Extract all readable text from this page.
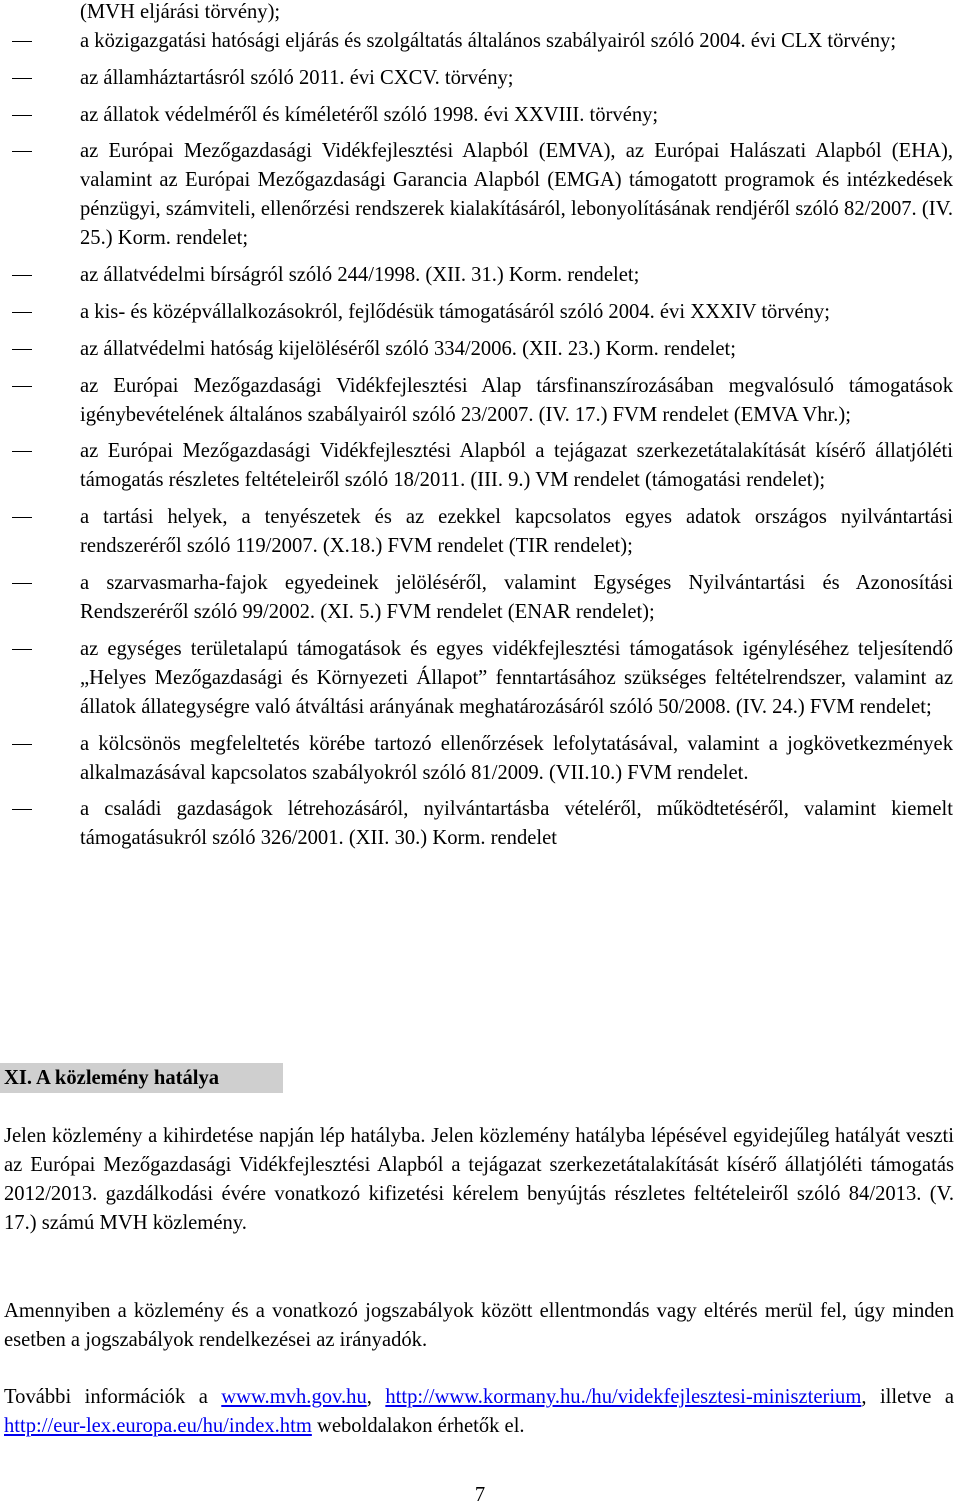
(MVH eljárási törvény);

a közigazgatási hatósági eljárás és szolgáltatás általános szabályairól szóló 2004. évi CLX törvény;
az államháztartásról szóló 2011. évi CXCV. törvény;
az állatok védelméről és kíméletéről szóló 1998. évi XXVIII. törvény;
az Európai Mezőgazdasági Vidékfejlesztési Alapból (EMVA), az Európai Halászati Alapból (EHA), valamint az Európai Mezőgazdasági Garancia Alapból (EMGA) támogatott programok és intézkedések pénzügyi, számviteli, ellenőrzési rendszerek kialakításáról, lebonyolításának rendjéről szóló 82/2007. (IV. 25.) Korm. rendelet;
az állatvédelmi bírságról szóló 244/1998. (XII. 31.) Korm. rendelet;
a kis- és középvállalkozásokról, fejlődésük támogatásáról szóló 2004. évi XXXIV törvény;
az állatvédelmi hatóság kijelöléséről szóló 334/2006. (XII. 23.) Korm. rendelet;
az Európai Mezőgazdasági Vidékfejlesztési Alap társfinanszírozásában megvalósuló támogatások igénybevételének általános szabályairól szóló 23/2007. (IV. 17.) FVM rendelet (EMVA Vhr.);
az Európai Mezőgazdasági Vidékfejlesztési Alapból a tejágazat szerkezetátalakítását kísérő állatjóléti támogatás részletes feltételeiről szóló 18/2011. (III. 9.) VM rendelet (támogatási rendelet);
a tartási helyek, a tenyészetek és az ezekkel kapcsolatos egyes adatok országos nyilvántartási rendszeréről szóló 119/2007. (X.18.) FVM rendelet (TIR rendelet);
a szarvasmarha-fajok egyedeinek jelöléséről, valamint Egységes Nyilvántartási és Azonosítási Rendszeréről szóló 99/2002. (XI. 5.) FVM rendelet (ENAR rendelet);
az egységes területalapú támogatások és egyes vidékfejlesztési támogatások igényléséhez teljesítendő „Helyes Mezőgazdasági és Környezeti Állapot” fenntartásához szükséges feltételrendszer, valamint az állatok állategységre való átváltási arányának meghatározásáról szóló 50/2008. (IV. 24.) FVM rendelet;
a kölcsönös megfeleltetés körébe tartozó ellenőrzések lefolytatásával, valamint a jogkövetkezmények alkalmazásával kapcsolatos szabályokról szóló 81/2009. (VII.10.) FVM rendelet.
a családi gazdaságok létrehozásáról, nyilvántartásba vételéről, működtetéséről, valamint kiemelt támogatásukról szóló 326/2001. (XII. 30.) Korm. rendelet
XI. A közlemény hatálya

Jelen közlemény a kihirdetése napján lép hatályba. Jelen közlemény hatályba lépésével egyidejűleg hatályát veszti az Európai Mezőgazdasági Vidékfejlesztési Alapból a tejágazat szerkezetátalakítását kísérő állatjóléti támogatás 2012/2013. gazdálkodási évére vonatkozó kifizetési kérelem benyújtás részletes feltételeiről szóló 84/2013. (V. 17.) számú MVH közlemény.

Amennyiben a közlemény és a vonatkozó jogszabályok között ellentmondás vagy eltérés merül fel, úgy minden esetben a jogszabályok rendelkezései az irányadók.

További információk a www.mvh.gov.hu, http://www.kormany.hu./hu/videkfejlesztesi-miniszterium, illetve a http://eur-lex.europa.eu/hu/index.htm weboldalakon érhetők el.

7
